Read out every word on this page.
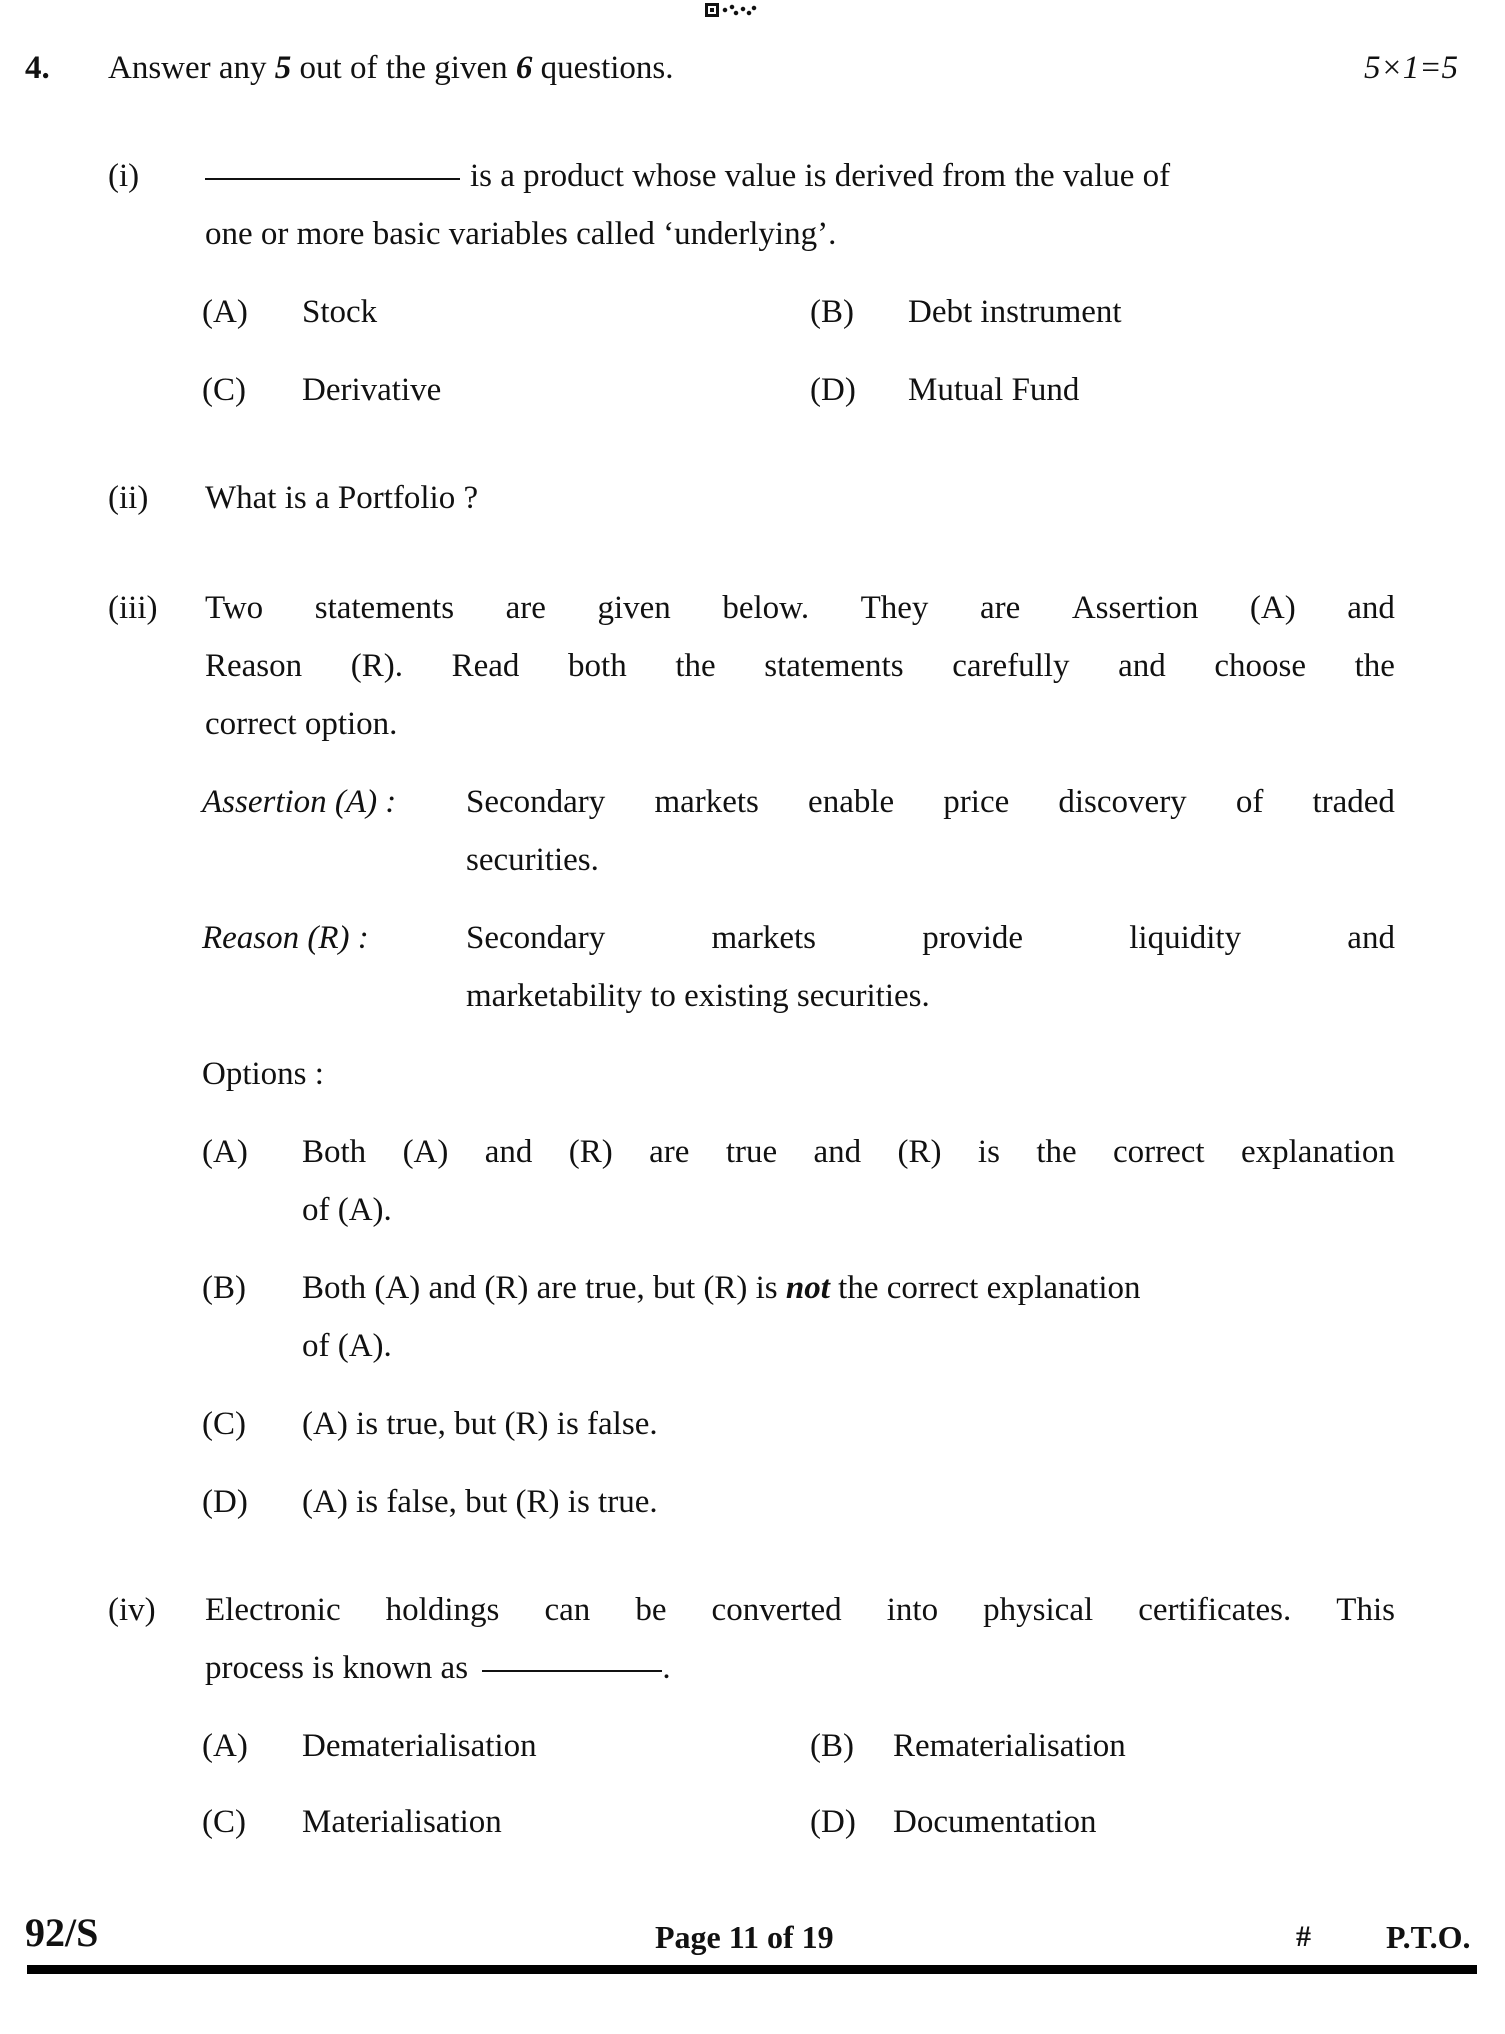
4. Answer any 5 out of the given 6 questions.	5×1=5
(i)	is a product whose value is derived from the value of
one or more basic variables called ‘underlying’.
(A) Stock	(B) Debt instrument
(C) Derivative	(D) Mutual Fund
(ii) What is a Portfolio ?
(iii) Two statements are given below. They are Assertion (A) and
Reason (R). Read both the statements carefully and choose the
correct option.
Assertion (A) : Secondary markets enable price discovery of traded
securities.
Reason (R) :	Secondary	markets	provide	liquidity	and
marketability to existing securities.
Options :
(A) Both (A) and (R) are true and (R) is the correct explanation
of (A).
(B) Both (A) and (R) are true, but (R) is not the correct explanation
of (A).
(C) (A) is true, but (R) is false.
(D) (A) is false, but (R) is true.
(iv) Electronic holdings can be converted into physical certificates. This
process is known as	.
(A) Dematerialisation	(B) Rematerialisation
(C) Materialisation	(D) Documentation
92/S	Page 11 of 19	# P.T.O.
